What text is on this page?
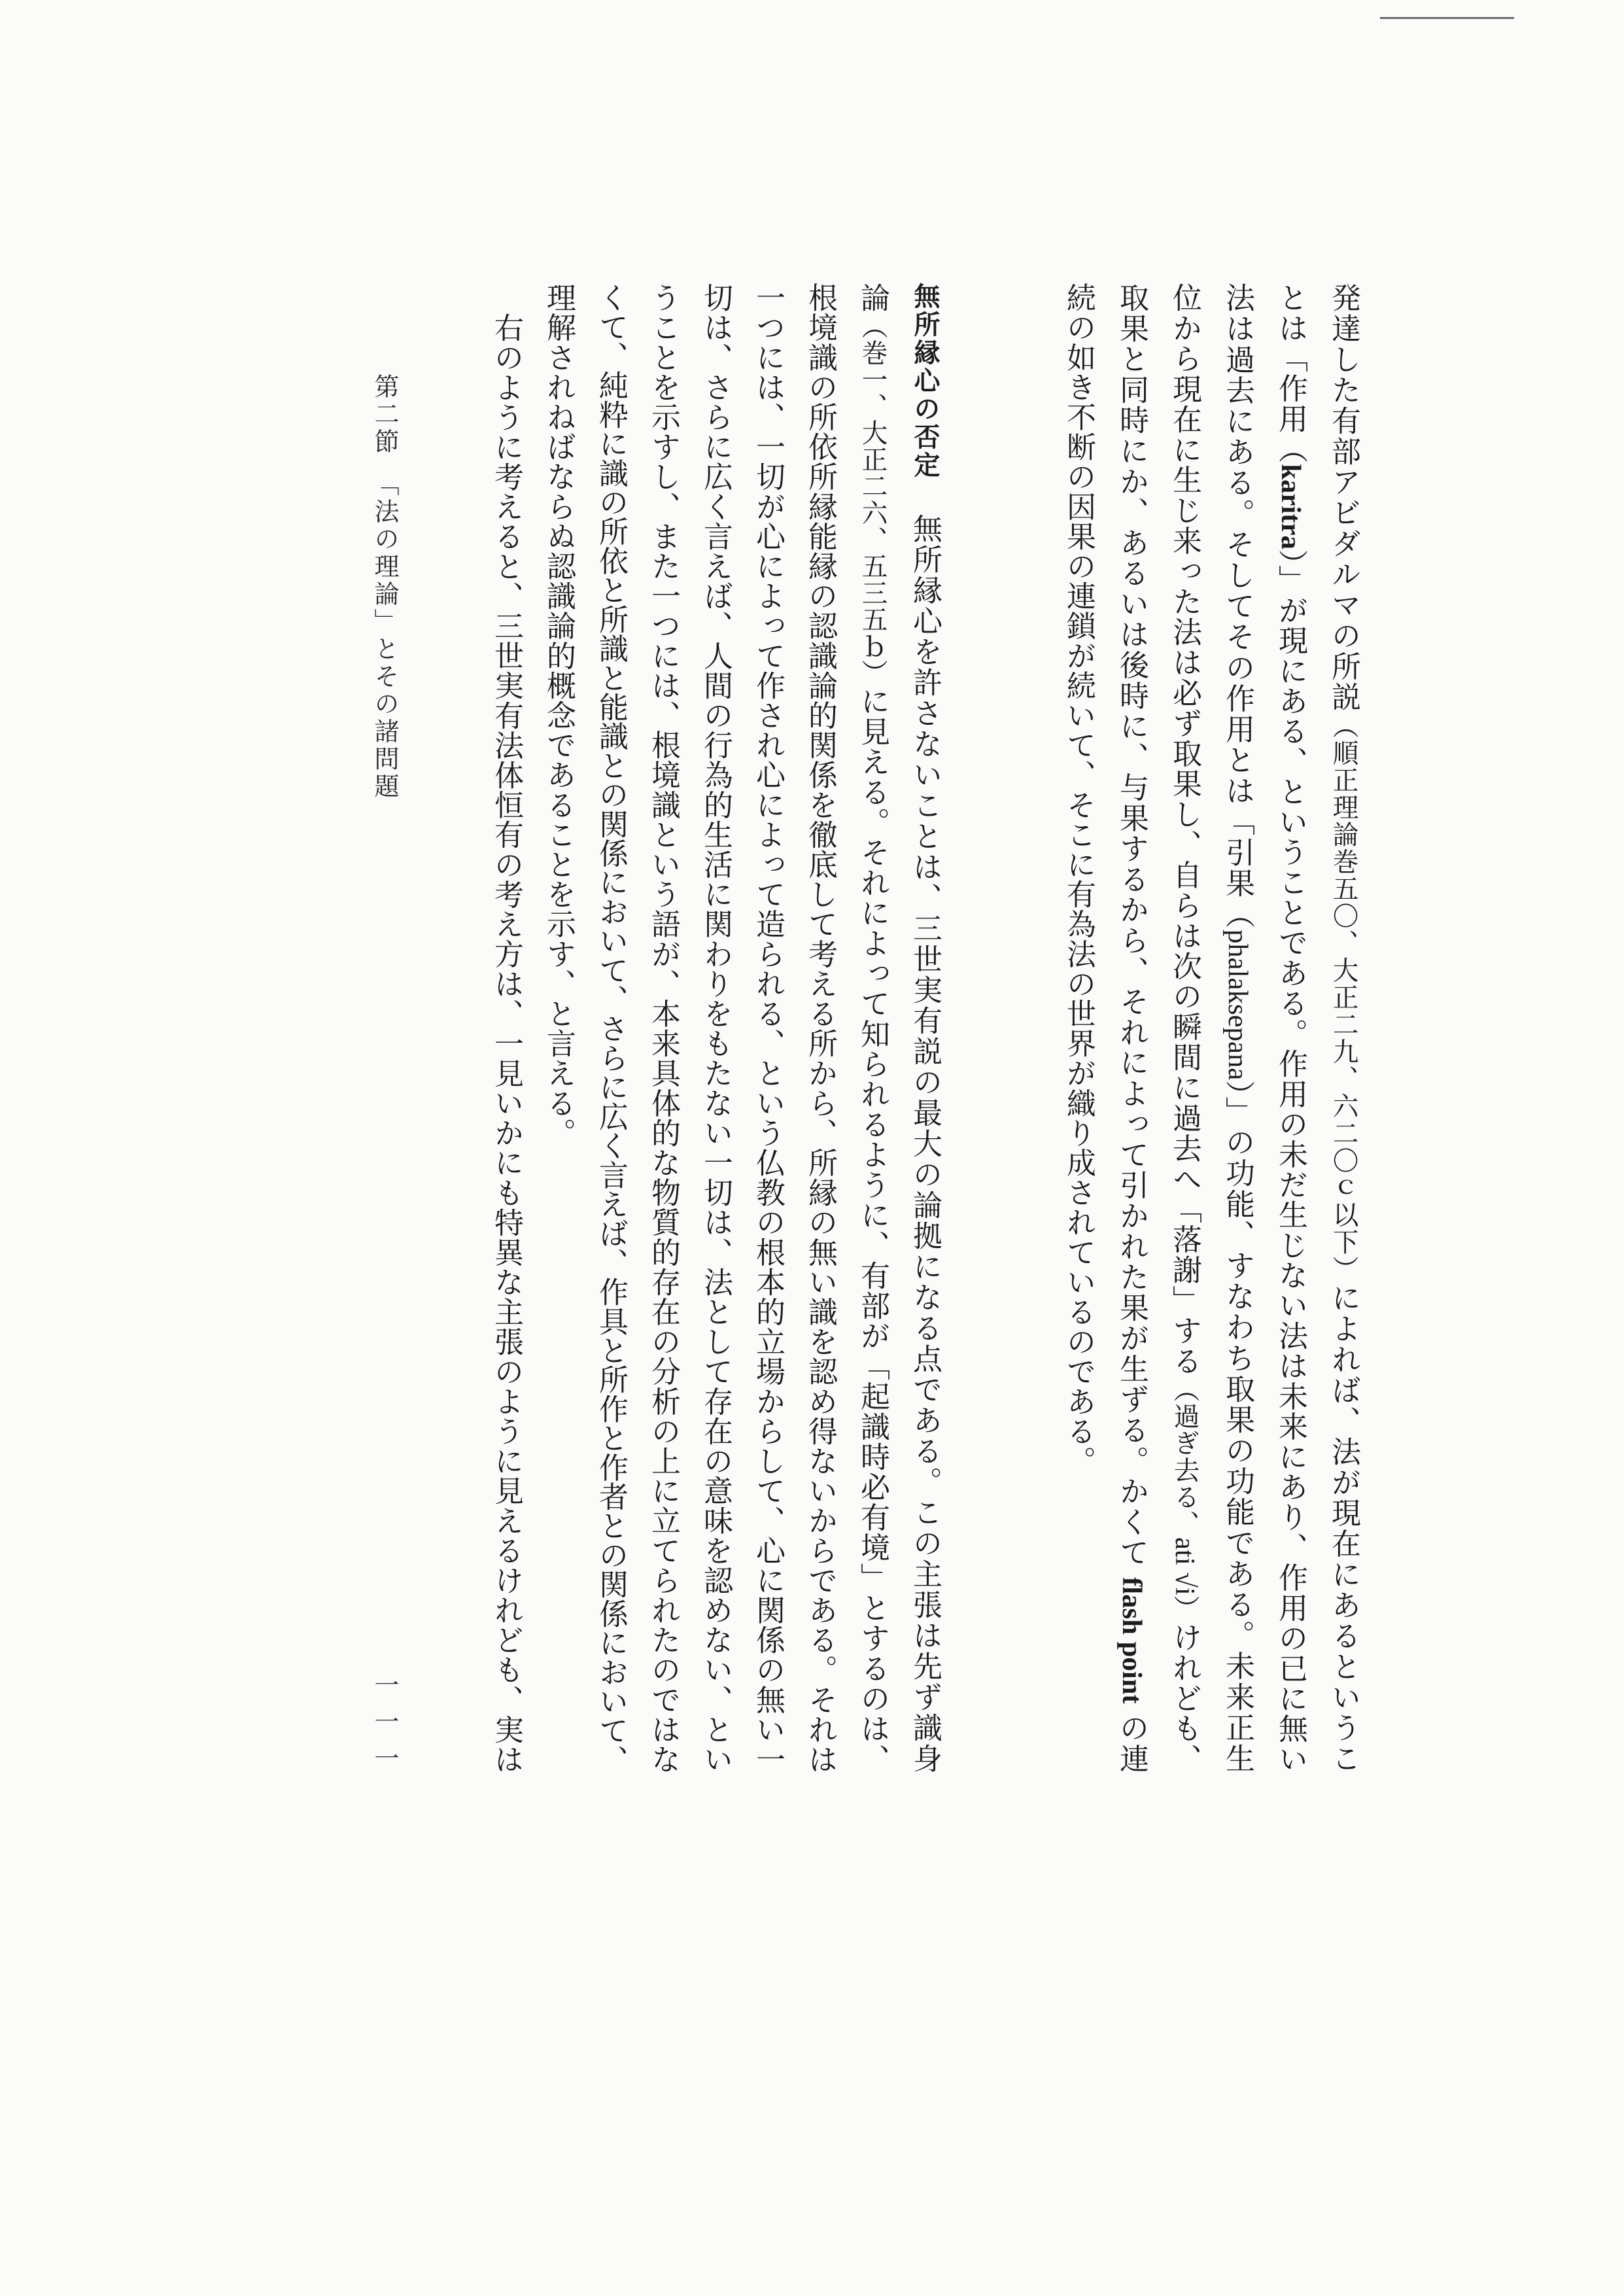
発達した有部アビダルマの所説（順正理論巻五〇、大正二九、六二〇ｃ以下）によれば、法が現在にあるというこ
とは「作用（karitra）」が現にある、ということである。作用の未だ生じない法は未来にあり、作用の已に無い
法は過去にある。そしてその作用とは「引果（phalaksepana）」の功能、すなわち取果の功能である。未来正生
位から現在に生じ来った法は必ず取果し、自らは次の瞬間に過去へ「落謝」する（過ぎ去る、ati √i）けれども、
取果と同時にか、あるいは後時に、与果するから、それによって引かれた果が生ずる。かくてflash pointの連
続の如き不断の因果の連鎖が続いて、そこに有為法の世界が織り成されているのである。
無所縁心の否定無所縁心を許さないことは、三世実有説の最大の論拠になる点である。この主張は先ず識身
論（巻一、大正二六、五三五ｂ）に見える。それによって知られるように、有部が「起識時必有境」とするのは、
根境識の所依所縁能縁の認識論的関係を徹底して考える所から、所縁の無い識を認め得ないからである。それは
一つには、一切が心によって作され心によって造られる、という仏教の根本的立場からして、心に関係の無い一
切は、さらに広く言えば、人間の行為的生活に関わりをもたない一切は、法として存在の意味を認めない、とい
うことを示すし、また一つには、根境識という語が、本来具体的な物質的存在の分析の上に立てられたのではな
くて、純粋に識の所依と所識と能識との関係において、さらに広く言えば、作具と所作と作者との関係において、
理解されねばならぬ認識論的概念であることを示す、と言える。
右のように考えると、三世実有法体恒有の考え方は、一見いかにも特異な主張のように見えるけれども、実は
第二節　「法の理論」とその諸問題
一一一
